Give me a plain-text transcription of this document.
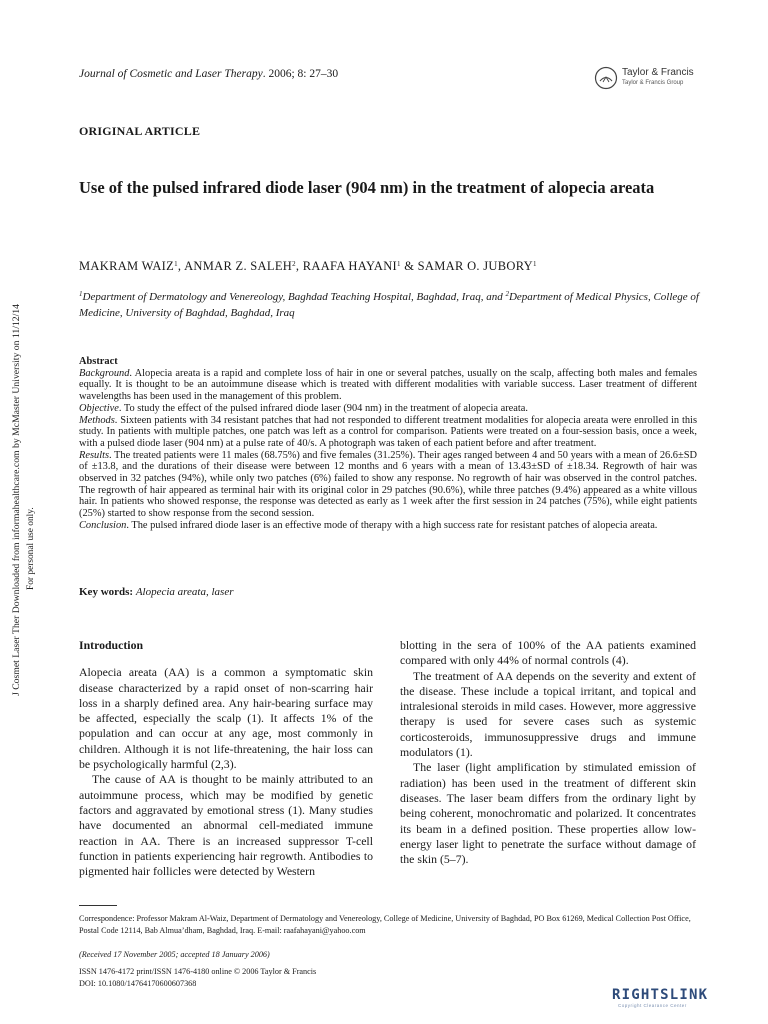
Journal of Cosmetic and Laser Therapy. 2006; 8: 27–30	Taylor & Francis
Taylor & Francis Group
ORIGINAL ARTICLE
Use of the pulsed infrared diode laser (904 nm) in the treatment of alopecia areata
MAKRAM WAIZ$^1$, ANMAR Z. SALEH$^2$, RAAFA HAYANI$^1$ & SAMAR O. JUBORY$^1$
$^1$Department of Dermatology and Venereology, Baghdad Teaching Hospital, Baghdad, Iraq, and $^2$Department of Medical Physics, College of Medicine, University of Baghdad, Baghdad, Iraq
J Cosmet Laser Ther Downloaded from informahealthcare.com by McMaster University on 11/12/14 For personal use only.

Abstract

Background. Alopecia areata is a rapid and complete loss of hair in one or several patches, usually on the scalp, affecting both males and females equally. It is thought to be an autoimmune disease which is treated with different modalities with variable success. Laser treatment of different wavelengths has been used in the management of this problem.

Objective. To study the effect of the pulsed infrared diode laser (904 nm) in the treatment of alopecia areata.

Methods. Sixteen patients with 34 resistant patches that had not responded to different treatment modalities for alopecia areata were enrolled in this study. In patients with multiple patches, one patch was left as a control for comparison. Patients were treated on a four-session basis, once a week, with a pulsed diode laser (904 nm) at a pulse rate of 40/s. A photograph was taken of each patient before and after treatment.

Results. The treated patients were 11 males (68.75%) and five females (31.25%). Their ages ranged between 4 and 50 years with a mean of 26.6±SD of ±13.8, and the durations of their disease were between 12 months and 6 years with a mean of 13.43±SD of ±18.34. Regrowth of hair was observed in 32 patches (94%), while only two patches (6%) failed to show any response. No regrowth of hair was observed in the control patches. The regrowth of hair appeared as terminal hair with its original color in 29 patches (90.6%), while three patches (9.4%) appeared as a white villous hair. In patients who showed response, the response was detected as early as 1 week after the first session in 24 patches (75%), while eight patients (25%) started to show response from the second session.

Conclusion. The pulsed infrared diode laser is an effective mode of therapy with a high success rate for resistant patches of alopecia areata.

Key words: Alopecia areata, laser

Introduction

Alopecia areata (AA) is a common a symptomatic skin disease characterized by a rapid onset of non-scarring hair loss in a sharply defined area. Any hair-bearing surface may be affected, especially the scalp (1). It affects 1% of the population and can occur at any age, most commonly in children. Although it is not life-threatening, the hair loss can be psychologically harmful (2,3).

The cause of AA is thought to be mainly attributed to an autoimmune process, which may be modified by genetic factors and aggravated by emotional stress (1). Many studies have documented an abnormal cell-mediated immune reaction in AA. There is an increased suppressor T-cell function in patients experiencing hair regrowth. Antibodies to pigmented hair follicles were detected by Western

blotting in the sera of 100% of the AA patients examined compared with only 44% of normal controls (4).

The treatment of AA depends on the severity and extent of the disease. These include a topical irritant, and topical and intralesional steroids in mild cases. However, more aggressive therapy is used for severe cases such as systemic corticosteroids, immunosuppressive drugs and immune modulators (1).

The laser (light amplification by stimulated emission of radiation) has been used in the treatment of different skin diseases. The laser beam differs from the ordinary light by being coherent, monochromatic and polarized. It concentrates its beam in a defined position. These properties allow low-energy laser light to penetrate the surface without damage of the skin (5–7).

Correspondence: Professor Makram Al-Waiz, Department of Dermatology and Venereology, College of Medicine, University of Baghdad, PO Box 61269, Medical Collection Post Office, Postal Code 12114, Bab Almua’dham, Baghdad, Iraq. E-mail: raafahayani@yahoo.com
(Received 17 November 2005; accepted 18 January 2006)
ISSN 1476-4172 print/ISSN 1476-4180 online © 2006 Taylor & Francis
DOI: 10.1080/14764170600607368
RIGHTSLINK
Copyright Clearance Center
